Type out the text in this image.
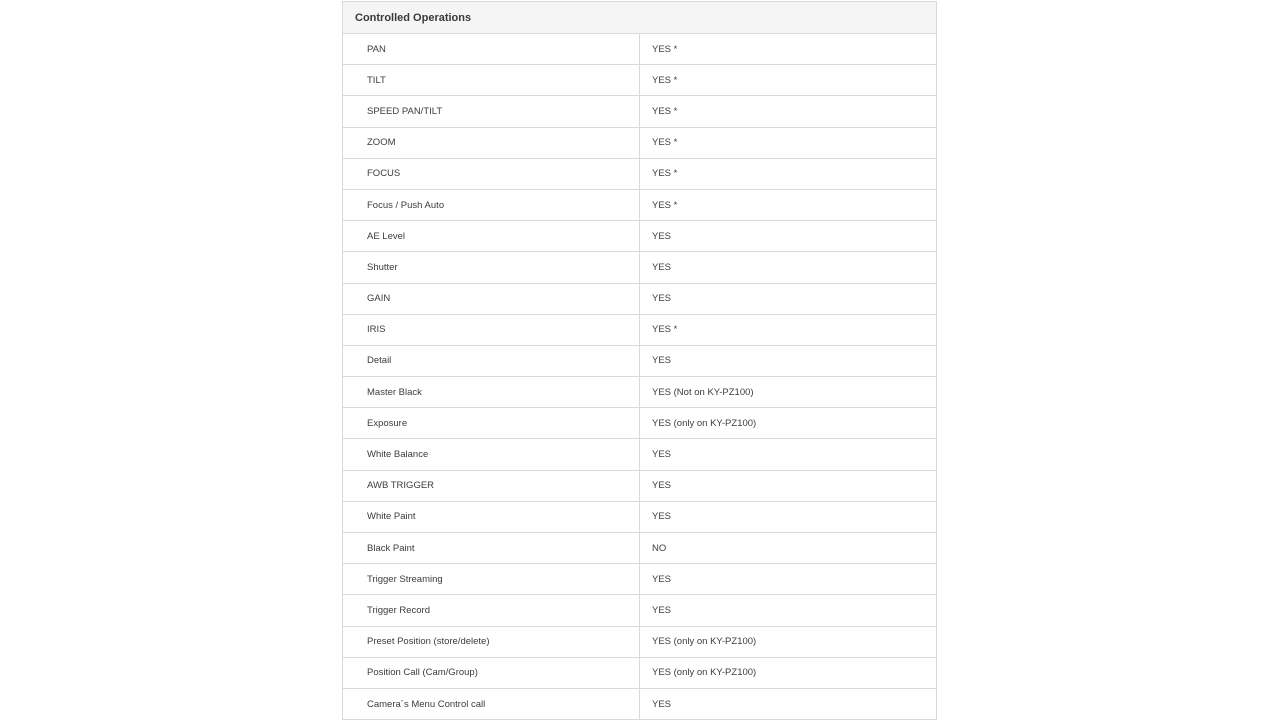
Controlled Operations	
PAN	YES *
TILT	YES *
SPEED PAN/TILT	YES *
ZOOM	YES *
FOCUS	YES *
Focus / Push Auto	YES *
AE Level	YES
Shutter	YES
GAIN	YES
IRIS	YES *
Detail	YES
Master Black	YES (Not on KY-PZ100)
Exposure	YES (only on KY-PZ100)
White Balance	YES
AWB TRIGGER	YES
White Paint	YES
Black Paint	NO
Trigger Streaming	YES
Trigger Record	YES
Preset Position (store/delete)	YES (only on KY-PZ100)
Position Call (Cam/Group)	YES (only on KY-PZ100)
Camera´s Menu Control call	YES
